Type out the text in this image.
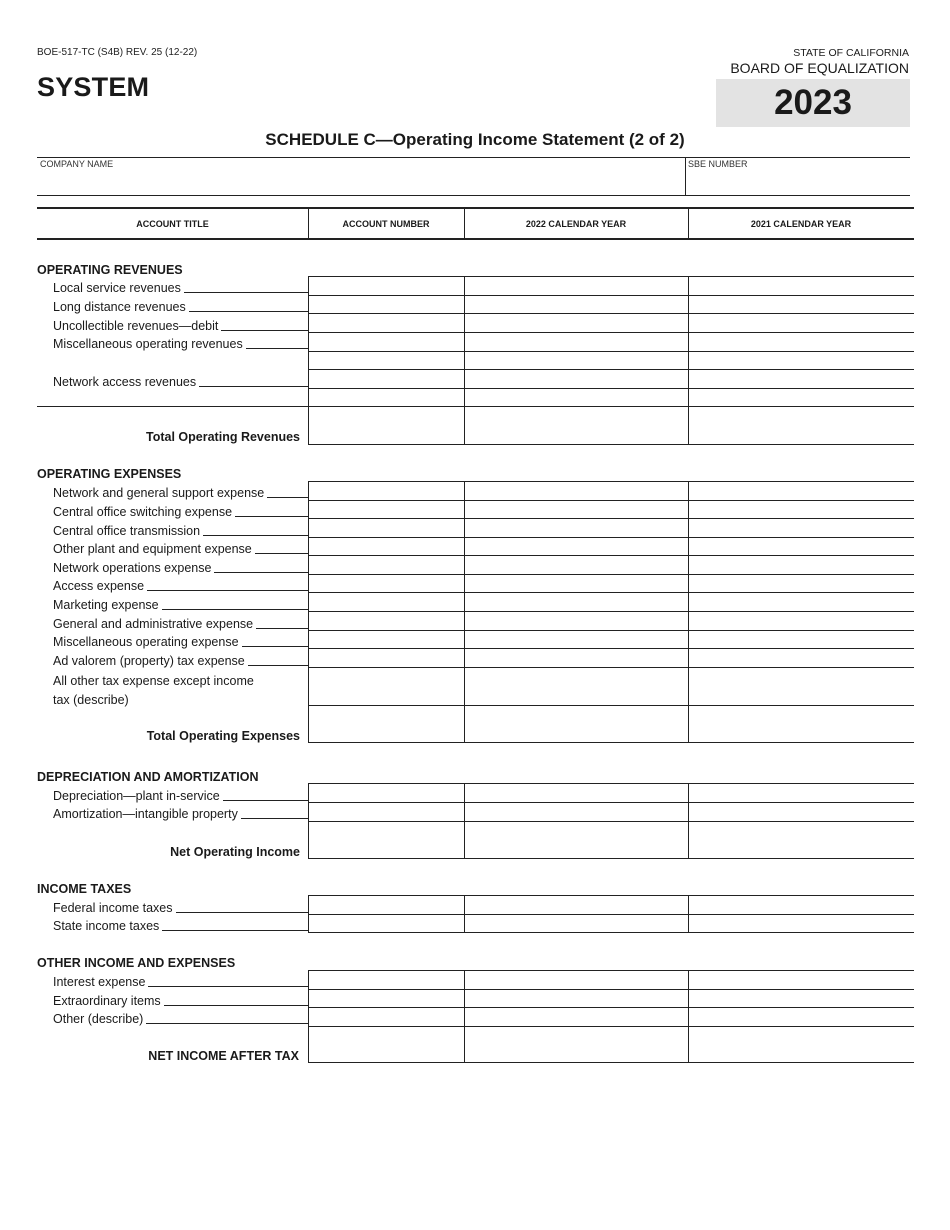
BOE-517-TC (S4B) REV. 25 (12-22)
SYSTEM
STATE OF CALIFORNIA
BOARD OF EQUALIZATION
2023
SCHEDULE C—Operating Income Statement (2 of 2)
COMPANY NAME	SBE NUMBER
ACCOUNT TITLE	ACCOUNT NUMBER	2022 CALENDAR YEAR	2021 CALENDAR YEAR
OPERATING REVENUES
Local service revenues
Long distance revenues
Uncollectible revenues—debit
Miscellaneous operating revenues
Network access revenues
Total Operating Revenues
OPERATING EXPENSES
Network and general support expense
Central office switching expense
Central office transmission
Other plant and equipment expense
Network operations expense
Access expense
Marketing expense
General and administrative expense
Miscellaneous operating expense
Ad valorem (property) tax expense
All other tax expense except income
tax (describe)
Total Operating Expenses
DEPRECIATION AND AMORTIZATION
Depreciation—plant in-service
Amortization—intangible property
Net Operating Income
INCOME TAXES
Federal income taxes
State income taxes
OTHER INCOME AND EXPENSES
Interest expense
Extraordinary items
Other (describe)
NET INCOME AFTER TAX
